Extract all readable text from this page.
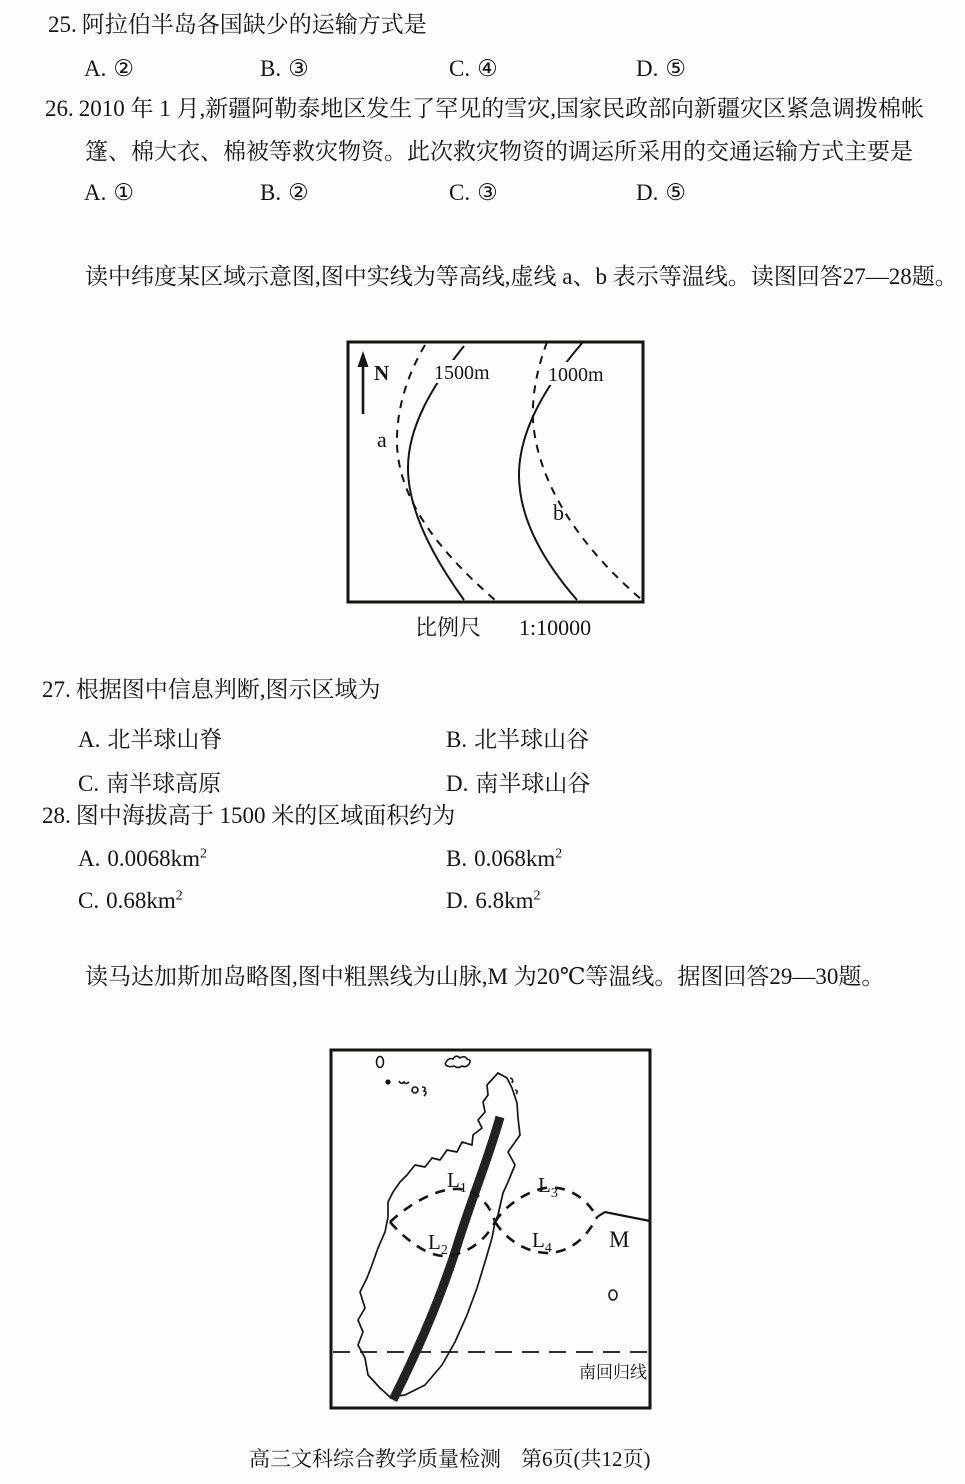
25. 阿拉伯半岛各国缺少的运输方式是
A. ②	B. ③	C. ④	D. ⑤
26. 2010 年 1 月,新疆阿勒泰地区发生了罕见的雪灾,国家民政部向新疆灾区紧急调拨棉帐
篷、棉大衣、棉被等救灾物资。此次救灾物资的调运所采用的交通运输方式主要是
A. ①	B. ②	C. ③	D. ⑤
读中纬度某区域示意图,图中实线为等高线,虚线 a、b 表示等温线。读图回答27—28题。
N 1500m	1000m
a
b
比例尺 1:10000
27. 根据图中信息判断,图示区域为
A. 北半球山脊	B. 北半球山谷
C. 南半球高原	D. 南半球山谷
28. 图中海拔高于 1500 米的区域面积约为
A. $0.0068km^2$	B. $0.068km^2$
C. $0.68km^2$	D. $6.8km^2$
读马达加斯加岛略图,图中粗黑线为山脉,M 为20℃等温线。据图回答29—30题。
$L_1$
$L_2$
$L_3$
$L_4$ M
南回归线
高三文科综合教学质量检测 第6页(共12页)
